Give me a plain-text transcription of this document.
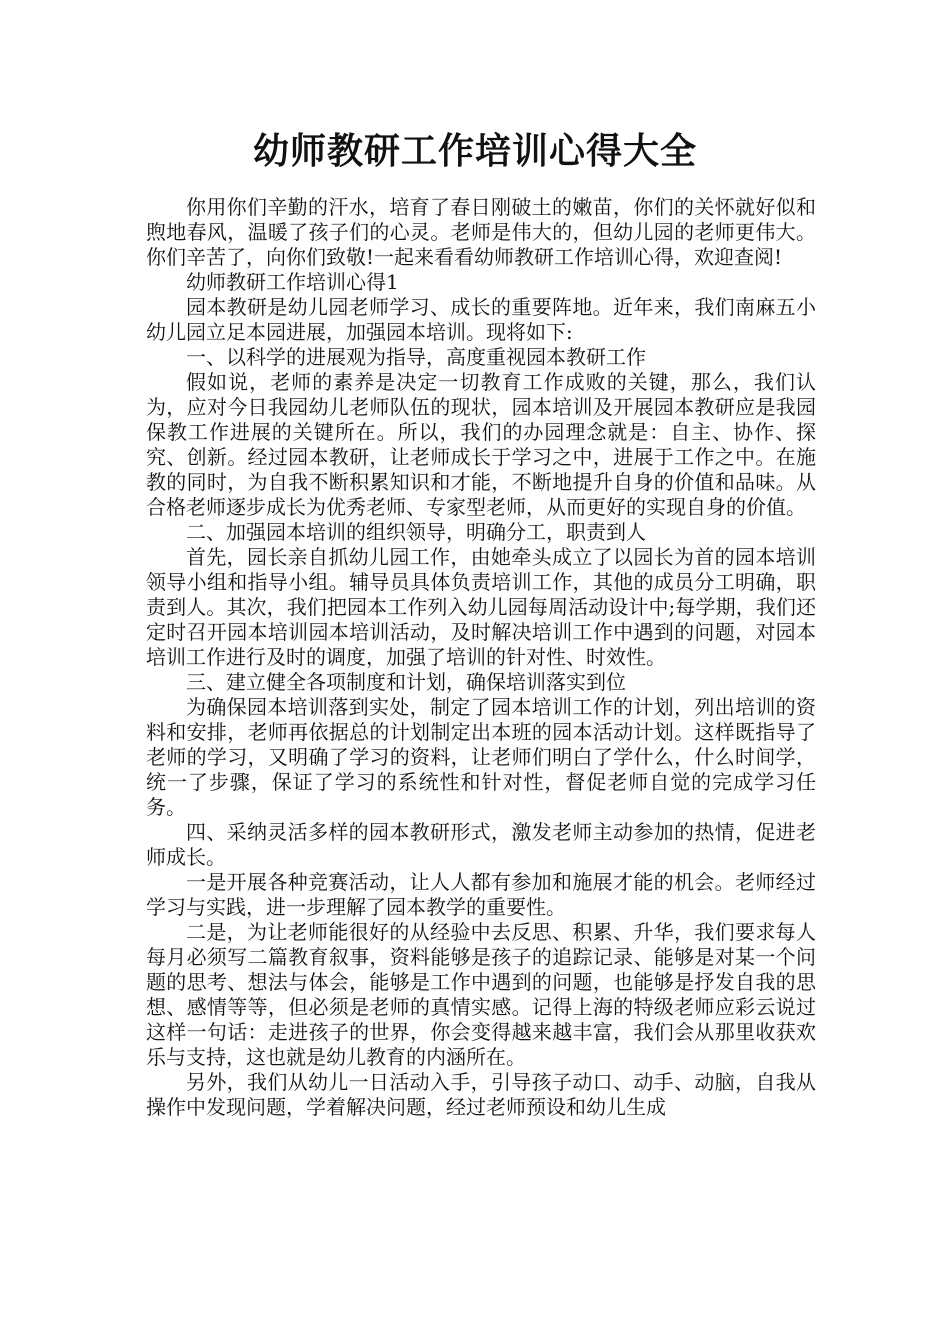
幼师教研工作培训心得大全

你用你们辛勤的汗水，培育了春日刚破土的嫩苗，你们的关怀就好似和煦地春风，温暖了孩子们的心灵。老师是伟大的，但幼儿园的老师更伟大。你们辛苦了，向你们致敬!一起来看看幼师教研工作培训心得，欢迎查阅!

幼师教研工作培训心得1

园本教研是幼儿园老师学习、成长的重要阵地。近年来，我们南麻五小幼儿园立足本园进展，加强园本培训。现将如下:

一、以科学的进展观为指导，高度重视园本教研工作

假如说，老师的素养是决定一切教育工作成败的关键，那么，我们认为，应对今日我园幼儿老师队伍的现状，园本培训及开展园本教研应是我园保教工作进展的关键所在。所以，我们的办园理念就是：自主、协作、探究、创新。经过园本教研，让老师成长于学习之中，进展于工作之中。在施教的同时，为自我不断积累知识和才能，不断地提升自身的价值和品味。从合格老师逐步成长为优秀老师、专家型老师，从而更好的实现自身的价值。

二、加强园本培训的组织领导，明确分工，职责到人

首先，园长亲自抓幼儿园工作，由她牵头成立了以园长为首的园本培训领导小组和指导小组。辅导员具体负责培训工作，其他的成员分工明确，职责到人。其次，我们把园本工作列入幼儿园每周活动设计中;每学期，我们还定时召开园本培训园本培训活动，及时解决培训工作中遇到的问题，对园本培训工作进行及时的调度，加强了培训的针对性、时效性。

三、建立健全各项制度和计划，确保培训落实到位

为确保园本培训落到实处，制定了园本培训工作的计划，列出培训的资料和安排，老师再依据总的计划制定出本班的园本活动计划。这样既指导了老师的学习，又明确了学习的资料，让老师们明白了学什么，什么时间学，统一了步骤，保证了学习的系统性和针对性，督促老师自觉的完成学习任务。

四、采纳灵活多样的园本教研形式，激发老师主动参加的热情，促进老师成长。

一是开展各种竞赛活动，让人人都有参加和施展才能的机会。老师经过学习与实践，进一步理解了园本教学的重要性。

二是，为让老师能很好的从经验中去反思、积累、升华，我们要求每人每月必须写二篇教育叙事，资料能够是孩子的追踪记录、能够是对某一个问题的思考、想法与体会，能够是工作中遇到的问题，也能够是抒发自我的思想、感情等等，但必须是老师的真情实感。记得上海的特级老师应彩云说过这样一句话：走进孩子的世界，你会变得越来越丰富，我们会从那里收获欢乐与支持，这也就是幼儿教育的内涵所在。

另外，我们从幼儿一日活动入手，引导孩子动口、动手、动脑，自我从操作中发现问题，学着解决问题，经过老师预设和幼儿生成
